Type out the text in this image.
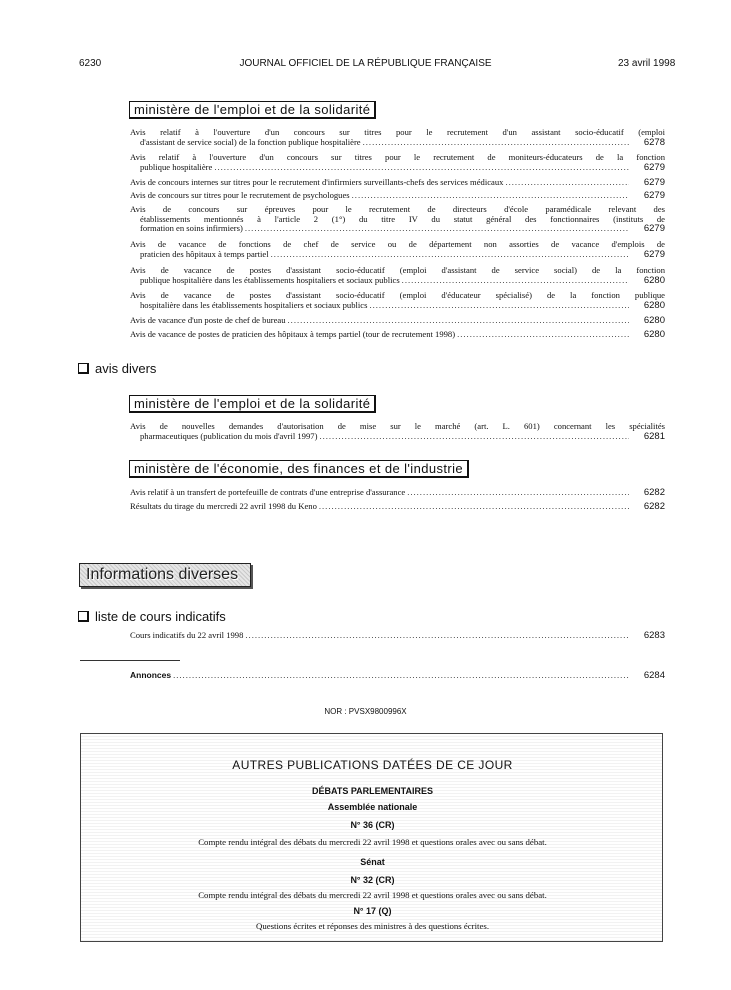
6230	JOURNAL OFFICIEL DE LA RÉPUBLIQUE FRANÇAISE	23 avril 1998
ministère de l'emploi et de la solidarité
Avis relatif à l'ouverture d'un concours sur titres pour le recrutement d'un assistant socio-éducatif (emploi
d'assistant de service social) de la fonction publique hospitalière .....	6278
Avis relatif à l'ouverture d'un concours sur titres pour le recrutement de moniteurs-éducateurs de la fonction
publique hospitalière .....	6279
Avis de concours internes sur titres pour le recrutement d'infirmiers surveillants-chefs des services médicaux .....	6279
Avis de concours sur titres pour le recrutement de psychologues .....	6279
Avis de concours sur épreuves pour le recrutement de directeurs d'école paramédicale relevant des
établissements mentionnés à l'article 2 (1°) du titre IV du statut général des fonctionnaires (instituts de
formation en soins infirmiers) .....	6279
Avis de vacance de fonctions de chef de service ou de département non assorties de vacance d'emplois de
praticien des hôpitaux à temps partiel .....	6279
Avis de vacance de postes d'assistant socio-éducatif (emploi d'assistant de service social) de la fonction
publique hospitalière dans les établissements hospitaliers et sociaux publics .....	6280
Avis de vacance de postes d'assistant socio-éducatif (emploi d'éducateur spécialisé) de la fonction publique
hospitalière dans les établissements hospitaliers et sociaux publics .....	6280
Avis de vacance d'un poste de chef de bureau .....	6280
Avis de vacance de postes de praticien des hôpitaux à temps partiel (tour de recrutement 1998) .....	6280
avis divers
ministère de l'emploi et de la solidarité
Avis de nouvelles demandes d'autorisation de mise sur le marché (art. L. 601) concernant les spécialités
pharmaceutiques (publication du mois d'avril 1997) .....	6281
ministère de l'économie, des finances et de l'industrie
Avis relatif à un transfert de portefeuille de contrats d'une entreprise d'assurance .....	6282
Résultats du tirage du mercredi 22 avril 1998 du Keno .....	6282
Informations diverses
liste de cours indicatifs
Cours indicatifs du 22 avril 1998 .....	6283
Annonces .....	6284
NOR : PVSX9800996X
AUTRES PUBLICATIONS DATÉES DE CE JOUR
DÉBATS PARLEMENTAIRES
Assemblée nationale
N° 36 (CR)
Compte rendu intégral des débats du mercredi 22 avril 1998 et questions orales avec ou sans débat.
Sénat
N° 32 (CR)
Compte rendu intégral des débats du mercredi 22 avril 1998 et questions orales avec ou sans débat.
N° 17 (Q)
Questions écrites et réponses des ministres à des questions écrites.
